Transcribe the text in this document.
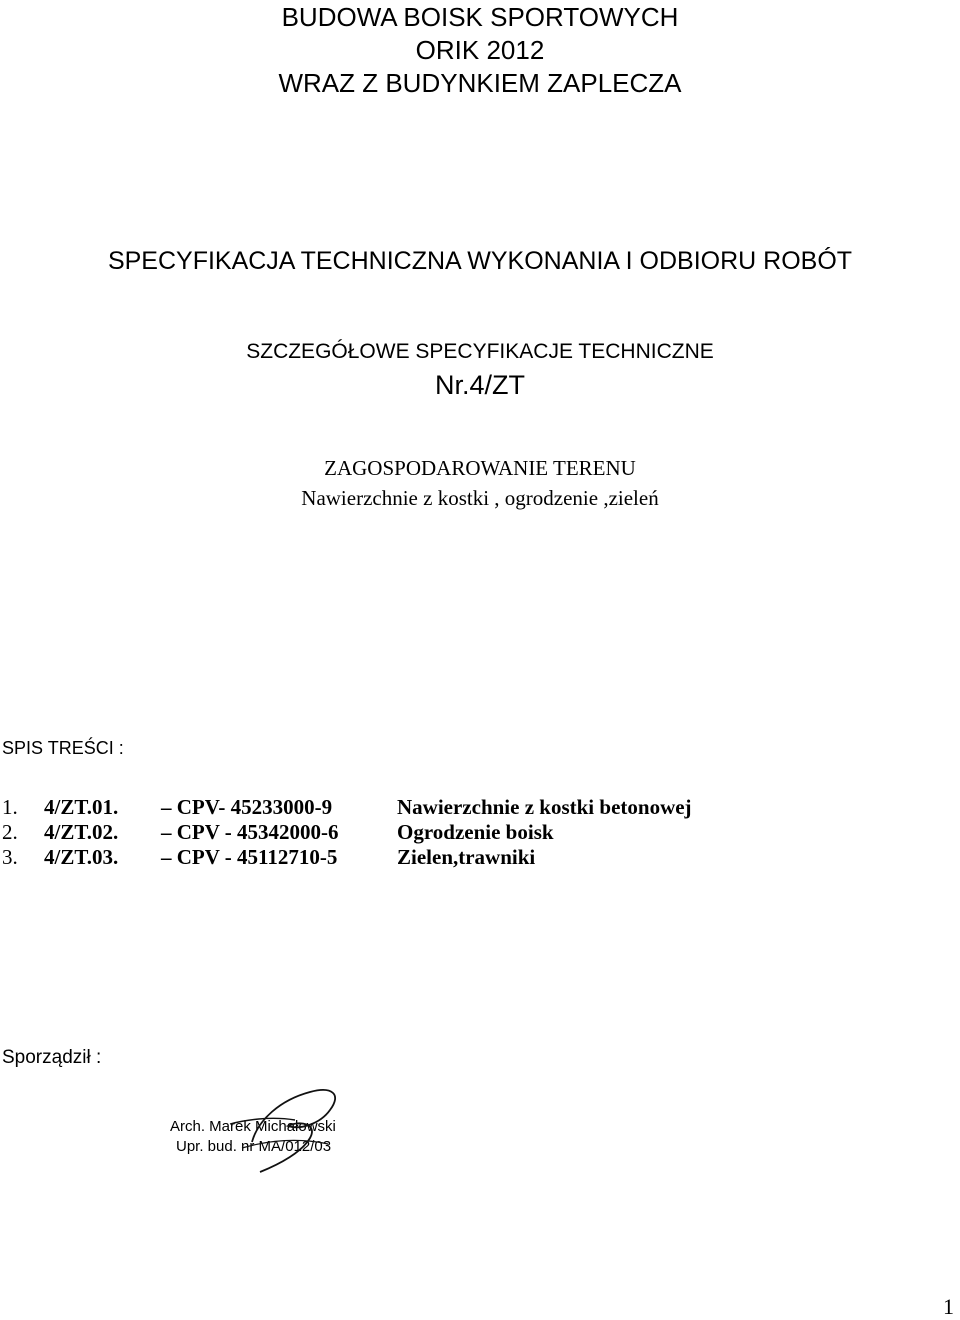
BUDOWA BOISK SPORTOWYCH
ORIK 2012
WRAZ Z BUDYNKIEM ZAPLECZA
SPECYFIKACJA TECHNICZNA WYKONANIA I ODBIORU ROBÓT
SZCZEGÓŁOWE SPECYFIKACJE TECHNICZNE
Nr.4/ZT
ZAGOSPODAROWANIE TERENU
Nawierzchnie z kostki , ogrodzenie ,zieleń
SPIS TREŚCI :
1. 4/ZT.01. – CPV- 45233000-9	Nawierzchnie z kostki betonowej
2. 4/ZT.02. – CPV - 45342000-6	Ogrodzenie boisk
3. 4/ZT.03. – CPV - 45112710-5	Zielen,trawniki
Sporządził :
Arch. Marek Michałowski
Upr. bud. nr MA/012/03
1
